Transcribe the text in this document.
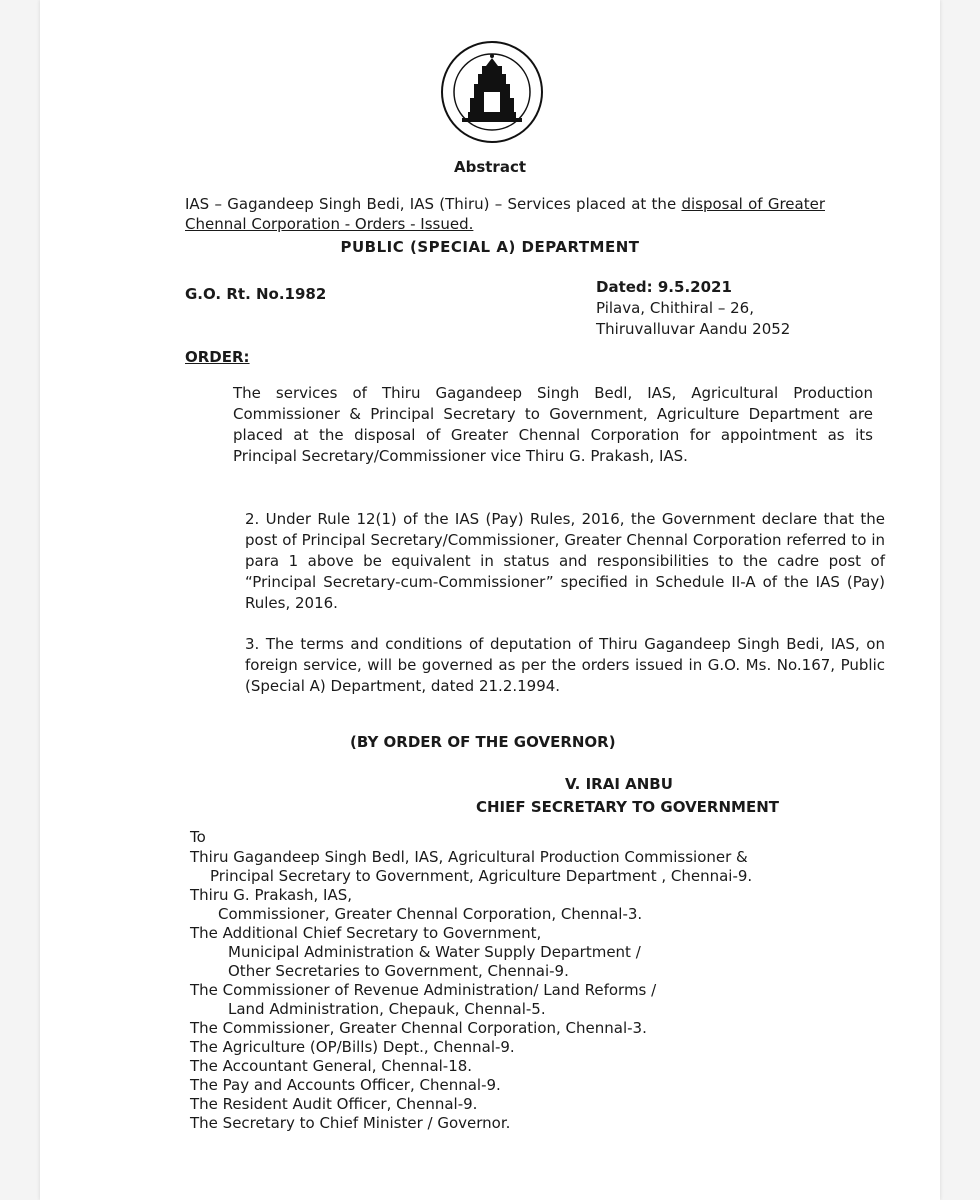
Abstract
IAS – Gagandeep Singh Bedi, IAS (Thiru) – Services placed at the disposal of Greater Chennal Corporation - Orders - Issued.
PUBLIC (SPECIAL A) DEPARTMENT
G.O. Rt. No.1982	Dated: 9.5.2021
Pilava, Chithiral – 26,
Thiruvalluvar Aandu 2052
ORDER:

The services of Thiru Gagandeep Singh Bedl, IAS, Agricultural Production Commissioner & Principal Secretary to Government, Agriculture Department are placed at the disposal of Greater Chennal Corporation for appointment as its Principal Secretary/Commissioner vice Thiru G. Prakash, IAS.

2. Under Rule 12(1) of the IAS (Pay) Rules, 2016, the Government declare that the post of Principal Secretary/Commissioner, Greater Chennal Corporation referred to in para 1 above be equivalent in status and responsibilities to the cadre post of “Principal Secretary-cum-Commissioner” specified in Schedule II-A of the IAS (Pay) Rules, 2016.

3. The terms and conditions of deputation of Thiru Gagandeep Singh Bedi, IAS, on foreign service, will be governed as per the orders issued in G.O. Ms. No.167, Public (Special A) Department, dated 21.2.1994.

(BY ORDER OF THE GOVERNOR)
V. IRAI ANBU
CHIEF SECRETARY TO GOVERNMENT
To
Thiru Gagandeep Singh Bedl, IAS, Agricultural Production Commissioner &
Principal Secretary to Government, Agriculture Department , Chennai-9.
Thiru G. Prakash, IAS,
Commissioner, Greater Chennal Corporation, Chennal-3.
The Additional Chief Secretary to Government,
Municipal Administration & Water Supply Department /
Other Secretaries to Government, Chennai-9.
The Commissioner of Revenue Administration/ Land Reforms /
Land Administration, Chepauk, Chennal-5.
The Commissioner, Greater Chennal Corporation, Chennal-3.
The Agriculture (OP/Bills) Dept., Chennal-9.
The Accountant General, Chennal-18.
The Pay and Accounts Officer, Chennal-9.
The Resident Audit Officer, Chennal-9.
The Secretary to Chief Minister / Governor.
